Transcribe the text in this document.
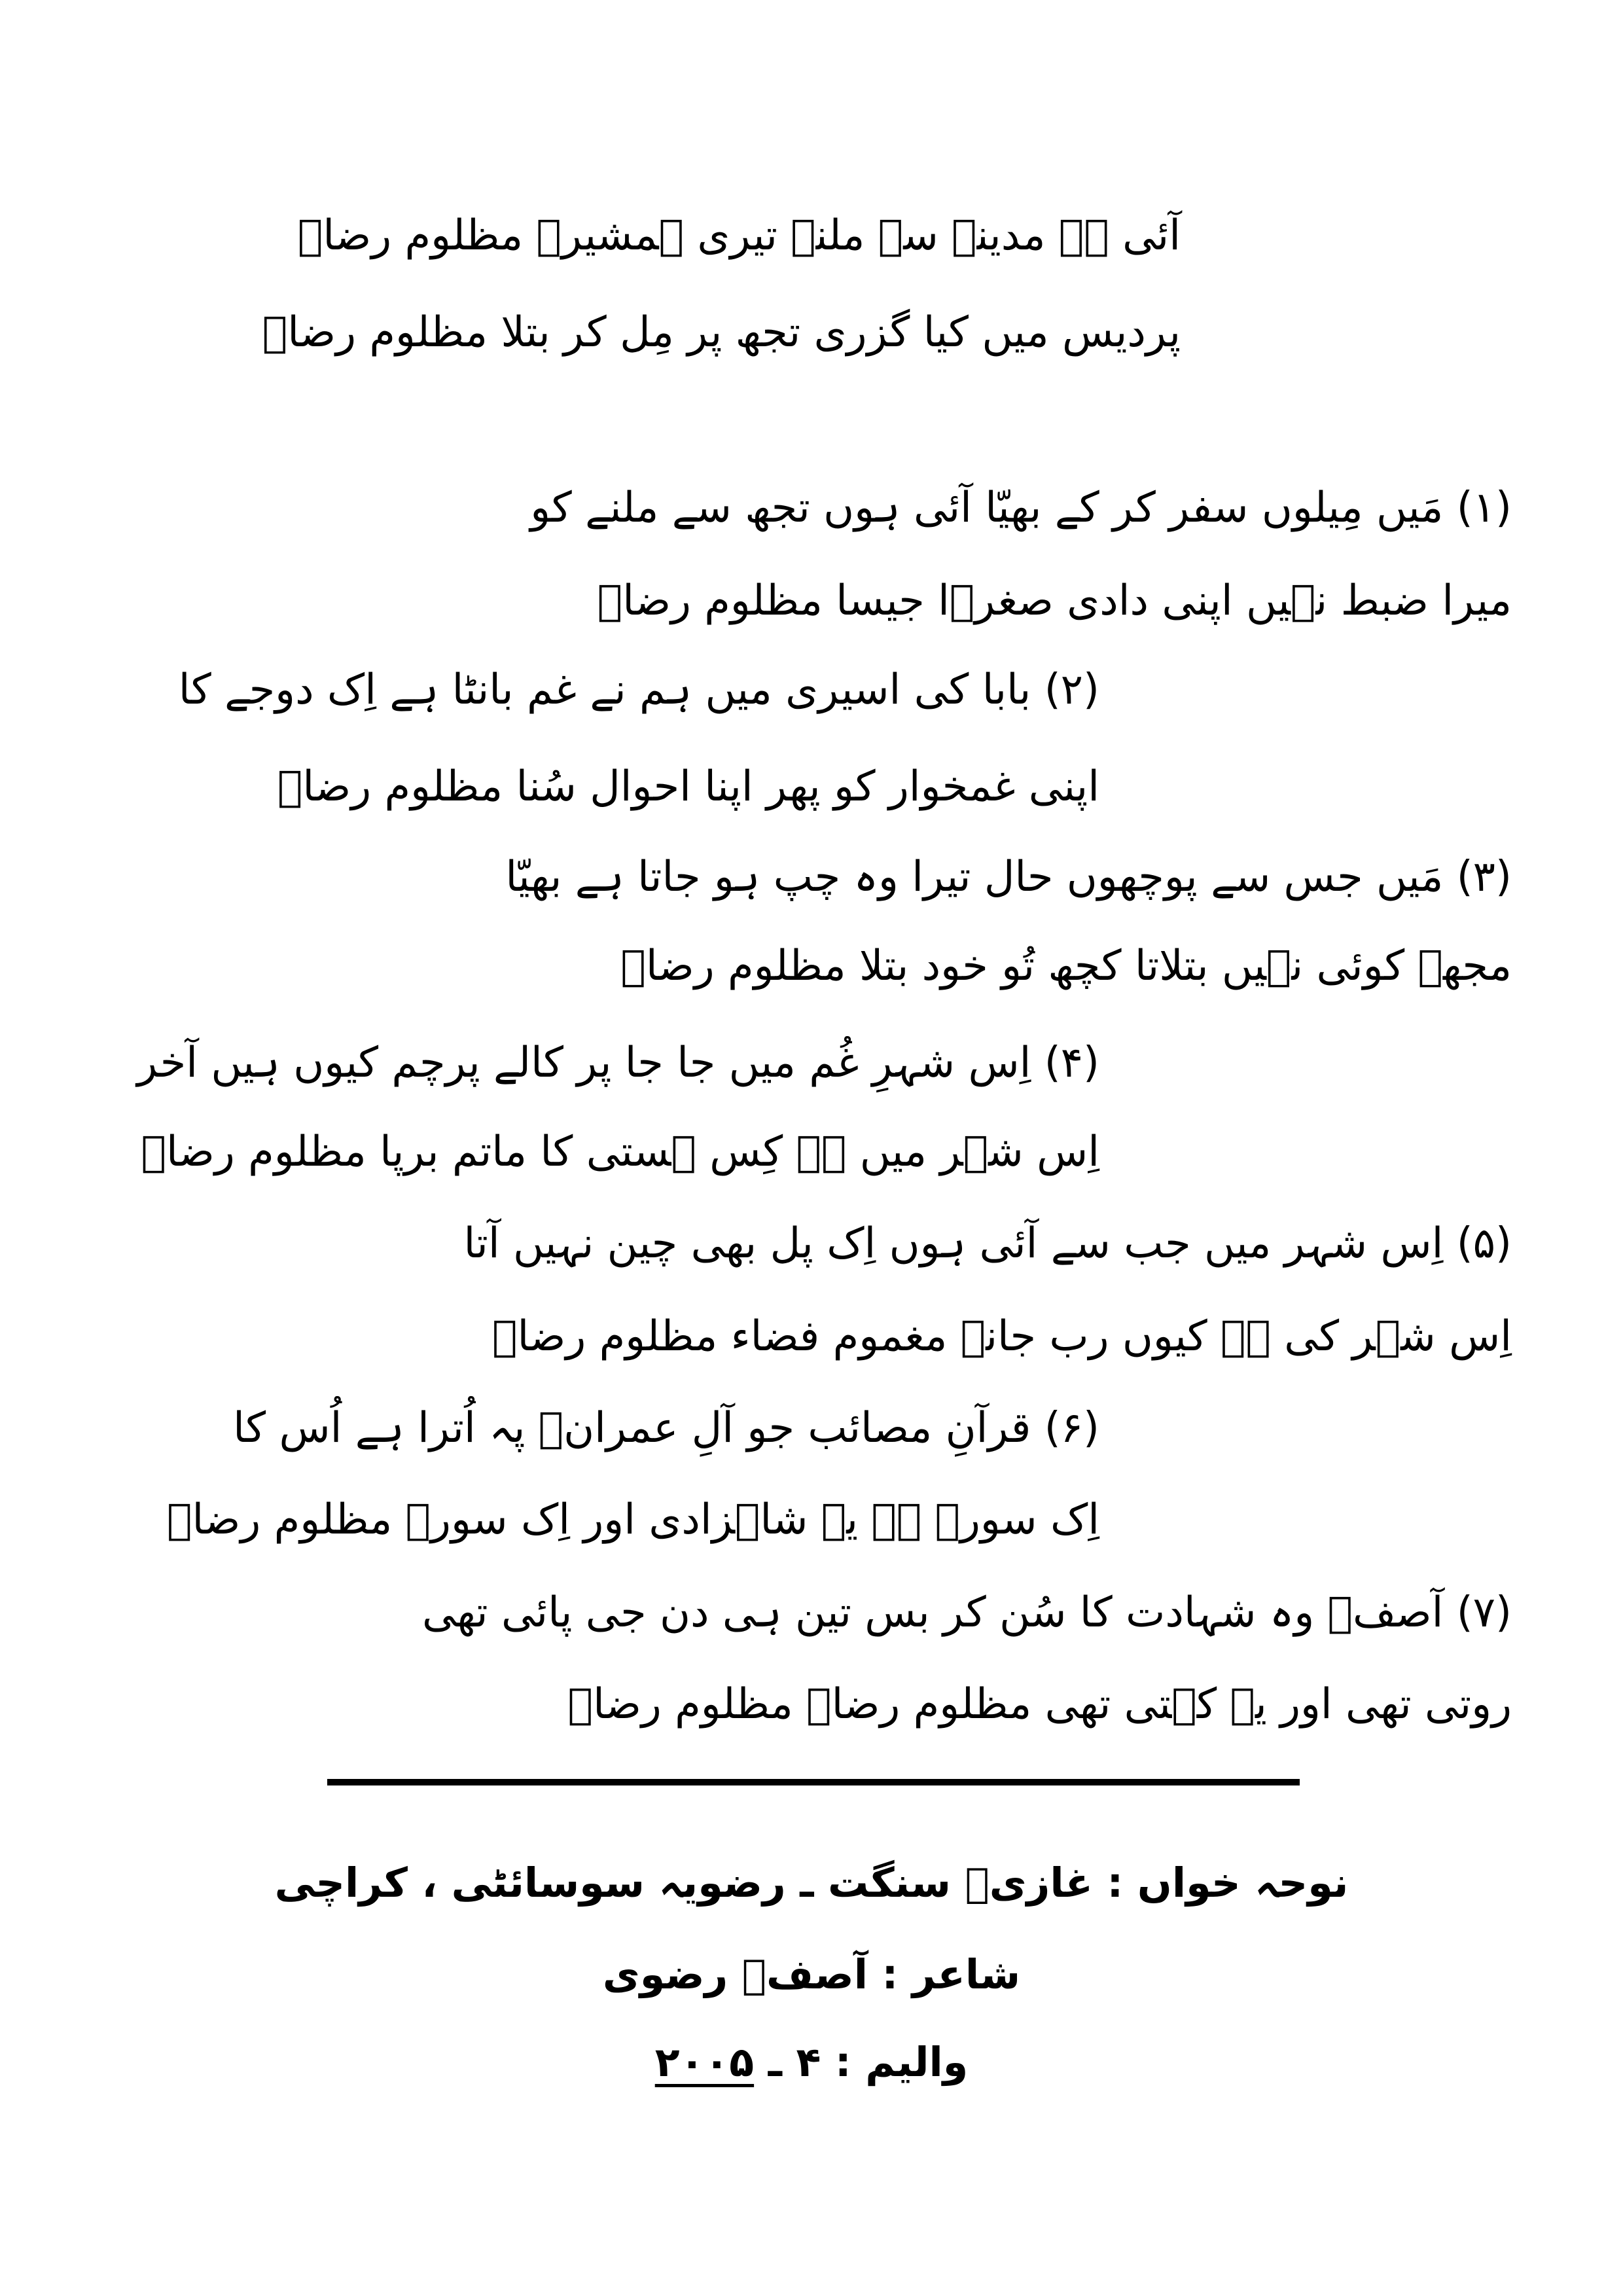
آئی ہے مدینے سے ملنے تیری ہمشیرہ مظلوم رضاؑ
پردیس میں کیا گزری تجھ پر مِل کر بتلا مظلوم رضاؑ
(۱) مَیں مِیلوں سفر کر کے بھیّا آئی ہوں تجھ سے ملنے کو
میرا ضبط نہیں اپنی دادی صغرؑا جیسا مظلوم رضاؑ
(۲) بابا کی اسیری میں ہم نے غم بانٹا ہے اِک دوجے کا
اپنی غمخوار کو پھر اپنا احوال سُنا مظلوم رضاؑ
(۳) مَیں جس سے پوچھوں حال تیرا وہ چپ ہو جاتا ہے بھیّا
مجھے کوئی نہیں بتلاتا کچھ تُو خود بتلا مظلوم رضاؑ
(۴) اِس شہرِ غُم میں جا جا پر کالے پرچم کیوں ہیں آخر
اِس شہر میں ہے کِس ہستی کا ماتم برپا مظلوم رضاؑ
(۵) اِس شہر میں جب سے آئی ہوں اِک پل بھی چین نہیں آتا
اِس شہر کی ہے کیوں رب جانے مغموم فضاء مظلوم رضاؑ
(۶) قرآنِ مصائب جو آلِ عمرانؑ پہ اُترا ہے اُس کا
اِک سورۃ ہے یہ شاہزادی اور اِک سورۃ مظلوم رضاؑ
(۷) آصفؔ وہ شہادت کا سُن کر بس تین ہی دن جی پائی تھی
روتی تھی اور یہ کہتی تھی مظلوم رضاؑ مظلوم رضاؑ
نوحہ خواں : غازیؑ سنگت ـ رضویہ سوسائٹی ، کراچی
شاعر : آصفؔ رضوی
والیم : ۴ ـ ۲۰۰۵
